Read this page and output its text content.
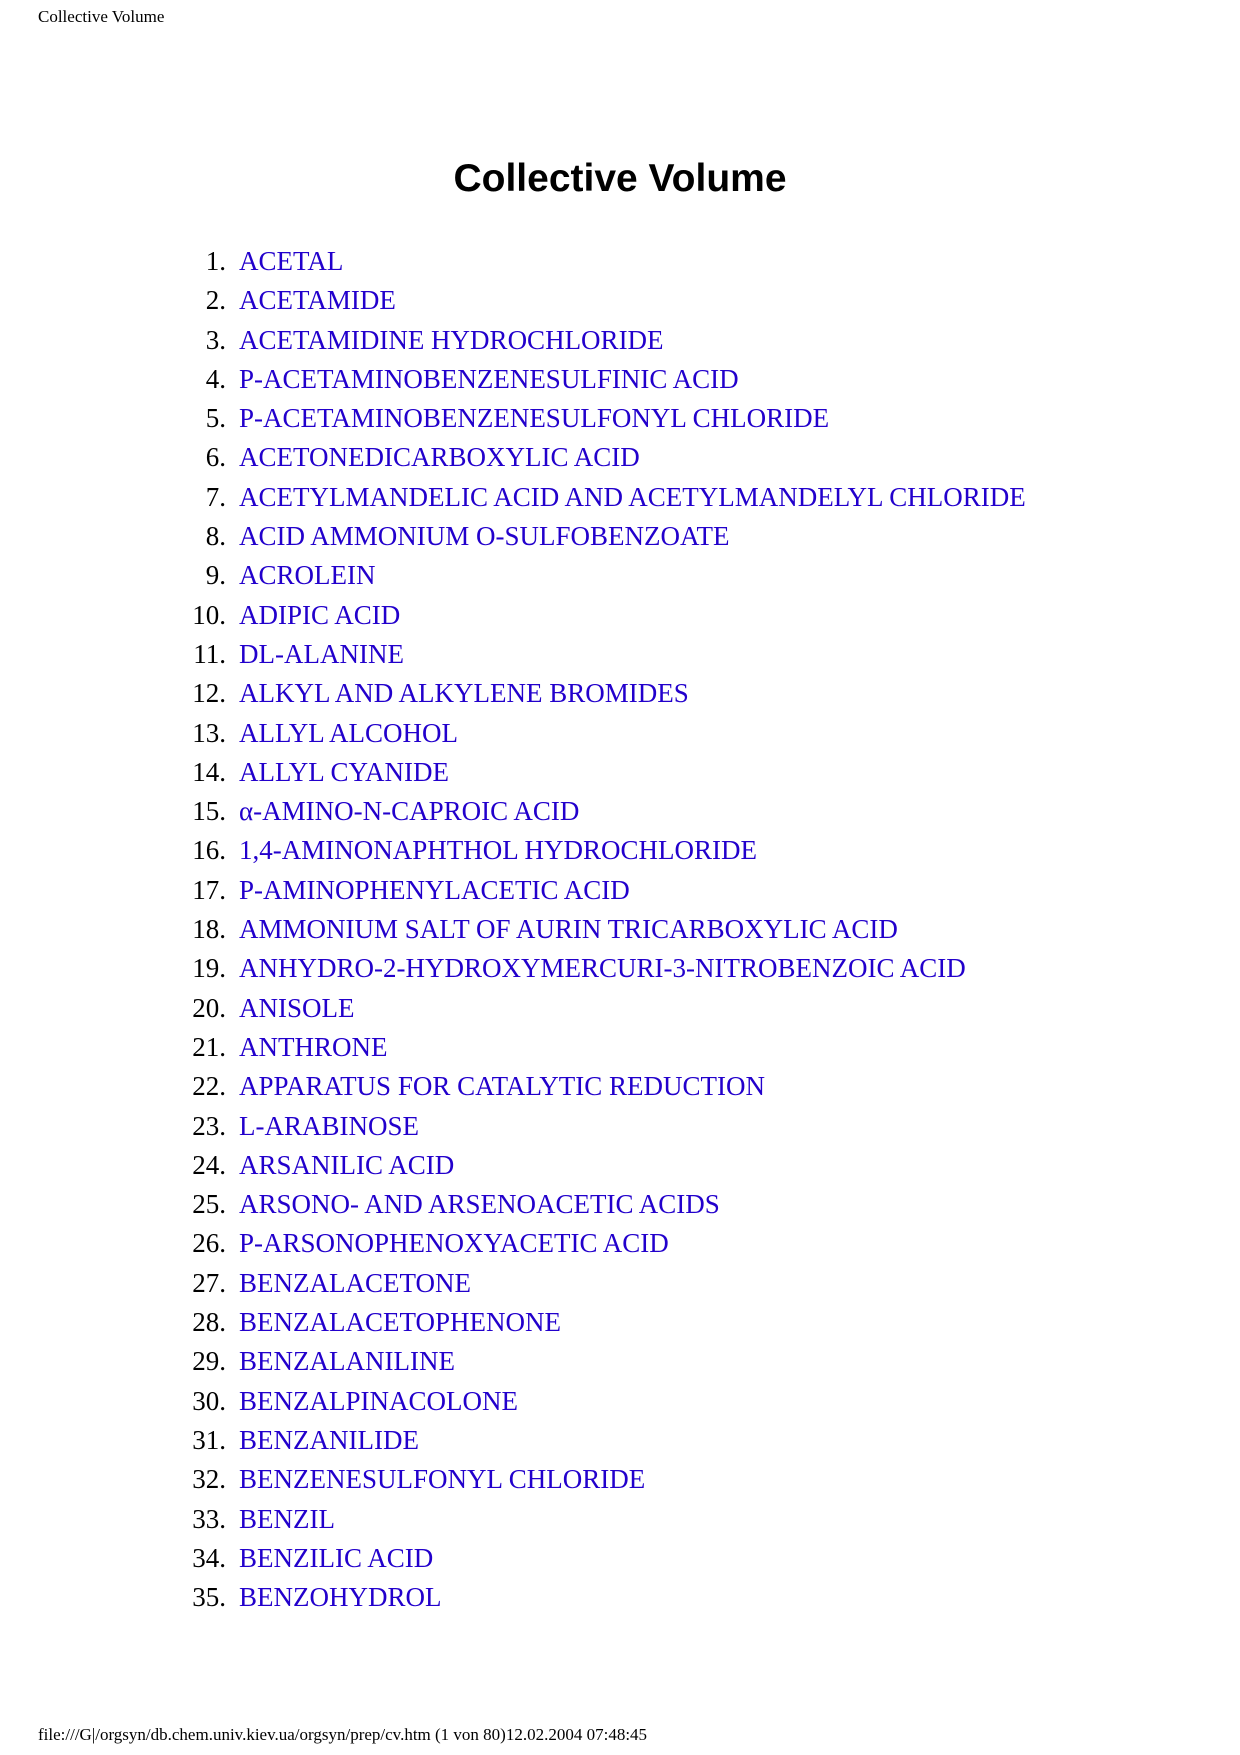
Collective Volume
Collective Volume
1. ACETAL
2. ACETAMIDE
3. ACETAMIDINE HYDROCHLORIDE
4. P-ACETAMINOBENZENESULFINIC ACID
5. P-ACETAMINOBENZENESULFONYL CHLORIDE
6. ACETONEDICARBOXYLIC ACID
7. ACETYLMANDELIC ACID AND ACETYLMANDELYL CHLORIDE
8. ACID AMMONIUM O-SULFOBENZOATE
9. ACROLEIN
10. ADIPIC ACID
11. DL-ALANINE
12. ALKYL AND ALKYLENE BROMIDES
13. ALLYL ALCOHOL
14. ALLYL CYANIDE
15. α-AMINO-N-CAPROIC ACID
16. 1,4-AMINONAPHTHOL HYDROCHLORIDE
17. P-AMINOPHENYLACETIC ACID
18. AMMONIUM SALT OF AURIN TRICARBOXYLIC ACID
19. ANHYDRO-2-HYDROXYMERCURI-3-NITROBENZOIC ACID
20. ANISOLE
21. ANTHRONE
22. APPARATUS FOR CATALYTIC REDUCTION
23. L-ARABINOSE
24. ARSANILIC ACID
25. ARSONO- AND ARSENOACETIC ACIDS
26. P-ARSONOPHENOXYACETIC ACID
27. BENZALACETONE
28. BENZALACETOPHENONE
29. BENZALANILINE
30. BENZALPINACOLONE
31. BENZANILIDE
32. BENZENESULFONYL CHLORIDE
33. BENZIL
34. BENZILIC ACID
35. BENZOHYDROL
file:///G|/orgsyn/db.chem.univ.kiev.ua/orgsyn/prep/cv.htm (1 von 80)12.02.2004 07:48:45
